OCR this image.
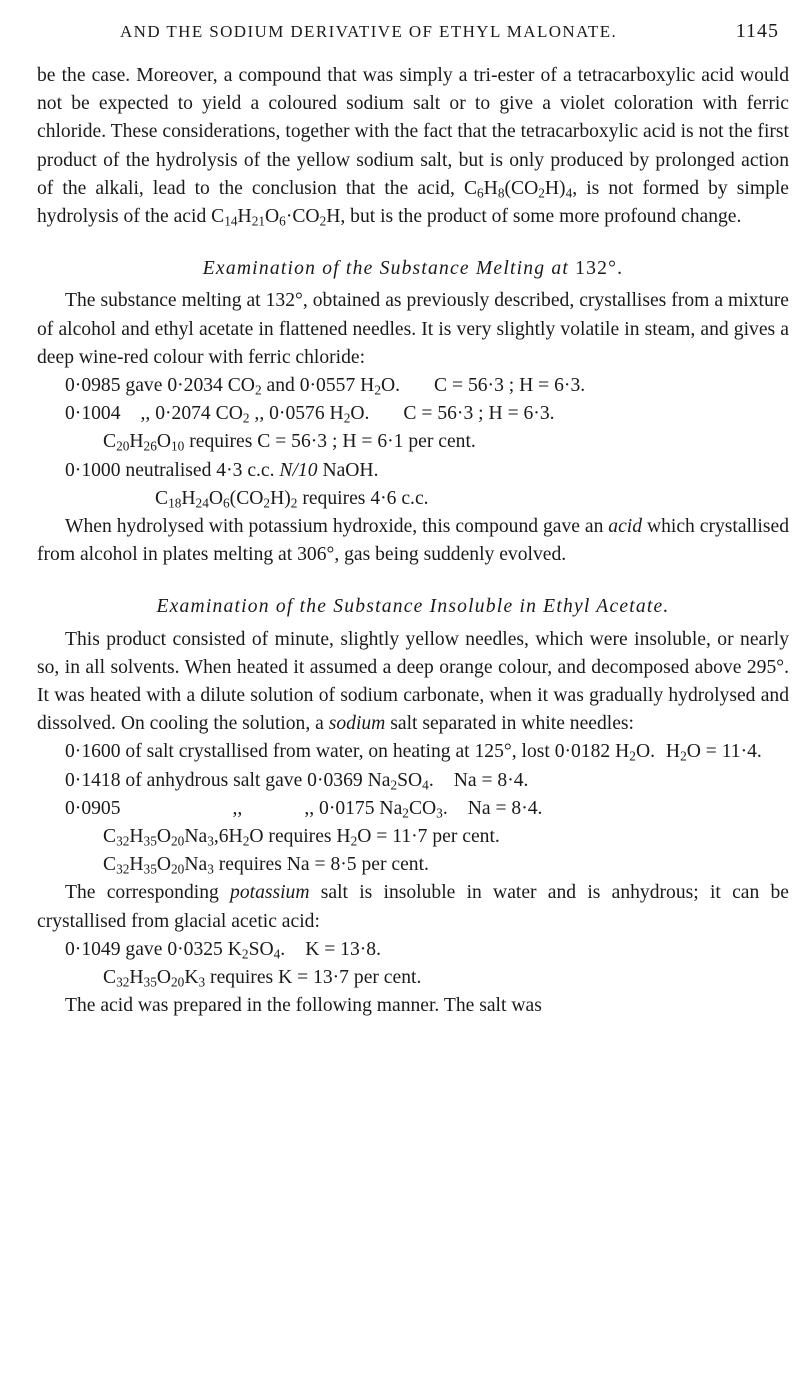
AND THE SODIUM DERIVATIVE OF ETHYL MALONATE.	1145

be the case. Moreover, a compound that was simply a tri-ester of a tetracarboxylic acid would not be expected to yield a coloured sodium salt or to give a violet coloration with ferric chloride. These considerations, together with the fact that the tetracarboxylic acid is not the first product of the hydrolysis of the yellow sodium salt, but is only produced by prolonged action of the alkali, lead to the conclusion that the acid, $C_6H_8(CO_2H)_4$, is not formed by simple hydrolysis of the acid $C_{14}H_{21}O_6\cdot CO_2H$, but is the product of some more profound change.

Examination of the Substance Melting at 132°.

The substance melting at 132°, obtained as previously described, crystallises from a mixture of alcohol and ethyl acetate in flattened needles. It is very slightly volatile in steam, and gives a deep wine-red colour with ferric chloride:

0·0985 gave 0·2034 $CO_2$ and 0·0557 $H_2O$. C = 56·3 ; H = 6·3.

0·1004 ,, 0·2074 $CO_2$ ,, 0·0576 $H_2O$. C = 56·3 ; H = 6·3.

$C_{20}H_{26}O_{10}$ requires C = 56·3 ; H = 6·1 per cent.

0·1000 neutralised 4·3 c.c. N/10 NaOH.

$C_{18}H_{24}O_6(CO_2H)_2$ requires 4·6 c.c.

When hydrolysed with potassium hydroxide, this compound gave an acid which crystallised from alcohol in plates melting at 306°, gas being suddenly evolved.

Examination of the Substance Insoluble in Ethyl Acetate.

This product consisted of minute, slightly yellow needles, which were insoluble, or nearly so, in all solvents. When heated it assumed a deep orange colour, and decomposed above 295°. It was heated with a dilute solution of sodium carbonate, when it was gradually hydrolysed and dissolved. On cooling the solution, a sodium salt separated in white needles:

0·1600 of salt crystallised from water, on heating at 125°, lost 0·0182 $H_2O$. $H_2O = 11\cdot 4$.

0·1418 of anhydrous salt gave 0·0369 $Na_2SO_4$. Na = 8·4.

0·0905	,,	,, 0·0175 $Na_2CO_3$. Na = 8·4.

$C_{32}H_{35}O_{20}Na_3,6H_2O$ requires $H_2O = 11\cdot 7$ per cent.

$C_{32}H_{35}O_{20}Na_3$ requires Na = 8·5 per cent.

The corresponding potassium salt is insoluble in water and is anhydrous; it can be crystallised from glacial acetic acid:

0·1049 gave 0·0325 $K_2SO_4$. K = 13·8.

$C_{32}H_{35}O_{20}K_3$ requires K = 13·7 per cent.

The acid was prepared in the following manner. The salt was
